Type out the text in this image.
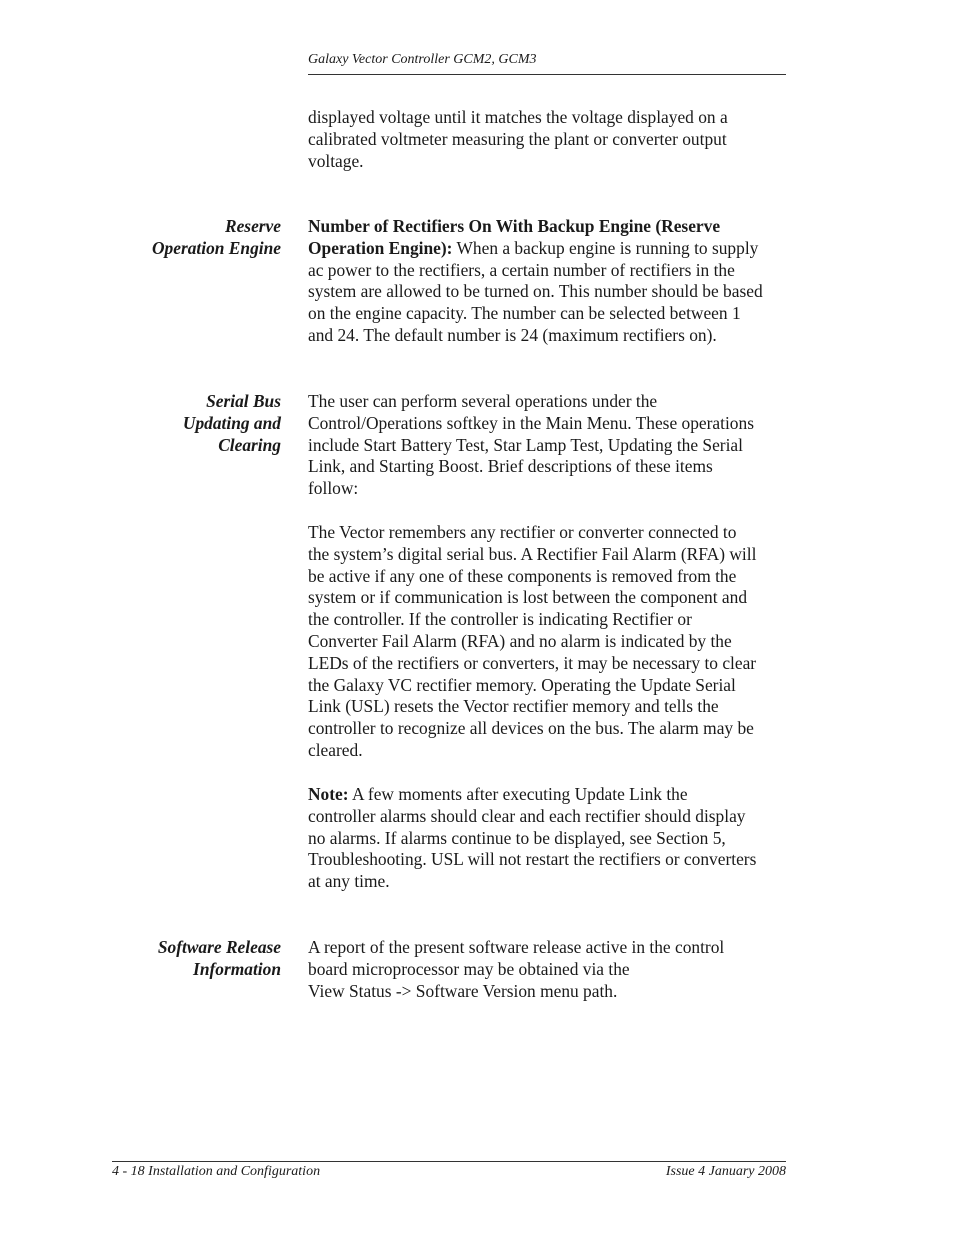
Galaxy Vector Controller GCM2, GCM3
displayed voltage until it matches the voltage displayed on a
calibrated voltmeter measuring the plant or converter output
voltage.
Reserve
Operation Engine
Number of Rectifiers On With Backup Engine (Reserve
Operation Engine): When a backup engine is running to supply
ac power to the rectifiers, a certain number of rectifiers in the
system are allowed to be turned on. This number should be based
on the engine capacity. The number can be selected between 1
and 24. The default number is 24 (maximum rectifiers on).
Serial Bus
Updating and
Clearing
The user can perform several operations under the
Control/Operations softkey in the Main Menu. These operations
include Start Battery Test, Star Lamp Test, Updating the Serial
Link, and Starting Boost. Brief descriptions of these items
follow:
The Vector remembers any rectifier or converter connected to
the system’s digital serial bus. A Rectifier Fail Alarm (RFA) will
be active if any one of these components is removed from the
system or if communication is lost between the component and
the controller. If the controller is indicating Rectifier or
Converter Fail Alarm (RFA) and no alarm is indicated by the
LEDs of the rectifiers or converters, it may be necessary to clear
the Galaxy VC rectifier memory. Operating the Update Serial
Link (USL) resets the Vector rectifier memory and tells the
controller to recognize all devices on the bus. The alarm may be
cleared.
Note: A few moments after executing Update Link the
controller alarms should clear and each rectifier should display
no alarms. If alarms continue to be displayed, see Section 5,
Troubleshooting. USL will not restart the rectifiers or converters
at any time.
Software Release
Information
A report of the present software release active in the control
board microprocessor may be obtained via the
View Status -> Software Version menu path.
4 - 18 Installation and Configuration	Issue 4 January 2008
